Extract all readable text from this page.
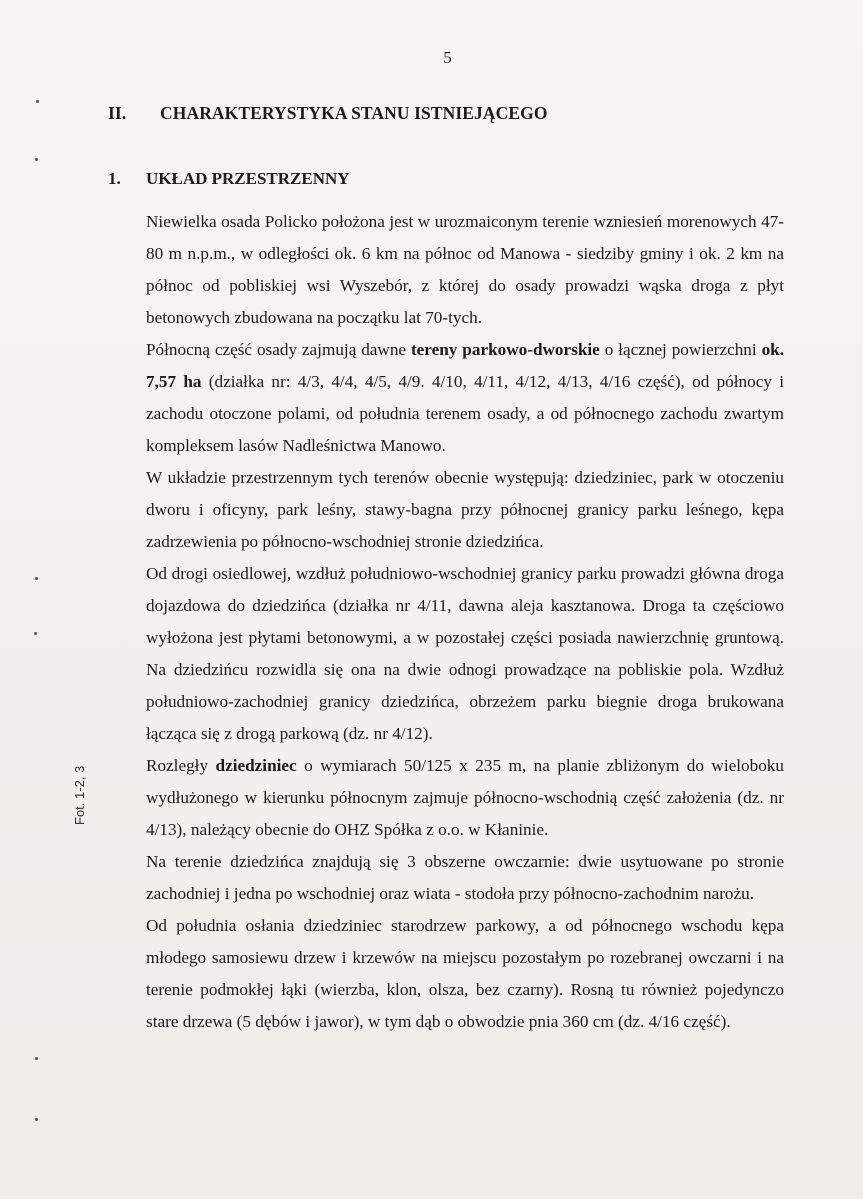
5
II. CHARAKTERYSTYKA STANU ISTNIEJĄCEGO
1. UKŁAD PRZESTRZENNY

Niewielka osada Policko położona jest w urozmaiconym terenie wzniesień morenowych 47-80 m n.p.m., w odległości ok. 6 km na północ od Manowa - siedziby gminy i ok. 2 km na północ od pobliskiej wsi Wyszebór, z której do osady prowadzi wąska droga z płyt betonowych zbudowana na początku lat 70-tych.

Północną część osady zajmują dawne tereny parkowo-dworskie o łącznej powierzchni ok. 7,57 ha (działka nr: 4/3, 4/4, 4/5, 4/9. 4/10, 4/11, 4/12, 4/13, 4/16 część), od północy i zachodu otoczone polami, od południa terenem osady, a od północnego zachodu zwartym kompleksem lasów Nadleśnictwa Manowo.

W układzie przestrzennym tych terenów obecnie występują: dziedziniec, park w otoczeniu dworu i oficyny, park leśny, stawy-bagna przy północnej granicy parku leśnego, kępa zadrzewienia po północno-wschodniej stronie dziedzińca.

Od drogi osiedlowej, wzdłuż południowo-wschodniej granicy parku prowadzi główna droga dojazdowa do dziedzińca (działka nr 4/11, dawna aleja kasztanowa. Droga ta częściowo wyłożona jest płytami betonowymi, a w pozostałej części posiada nawierzchnię gruntową. Na dziedzińcu rozwidla się ona na dwie odnogi prowadzące na pobliskie pola. Wzdłuż południowo-zachodniej granicy dziedzińca, obrzeżem parku biegnie droga brukowana łącząca się z drogą parkową (dz. nr 4/12).

Rozległy dziedziniec o wymiarach 50/125 x 235 m, na planie zbliżonym do wieloboku wydłużonego w kierunku północnym zajmuje północno-wschodnią część założenia (dz. nr 4/13), należący obecnie do OHZ Spółka z o.o. w Kłaninie.

Na terenie dziedzińca znajdują się 3 obszerne owczarnie: dwie usytuowane po stronie zachodniej i jedna po wschodniej oraz wiata - stodoła przy północno-zachodnim narożu.

Od południa osłania dziedziniec starodrzew parkowy, a od północnego wschodu kępa młodego samosiewu drzew i krzewów na miejscu pozostałym po rozebranej owczarni i na terenie podmokłej łąki (wierzba, klon, olsza, bez czarny). Rosną tu również pojedynczo stare drzewa (5 dębów i jawor), w tym dąb o obwodzie pnia 360 cm (dz. 4/16 część).

Fot. 1-2, 3
